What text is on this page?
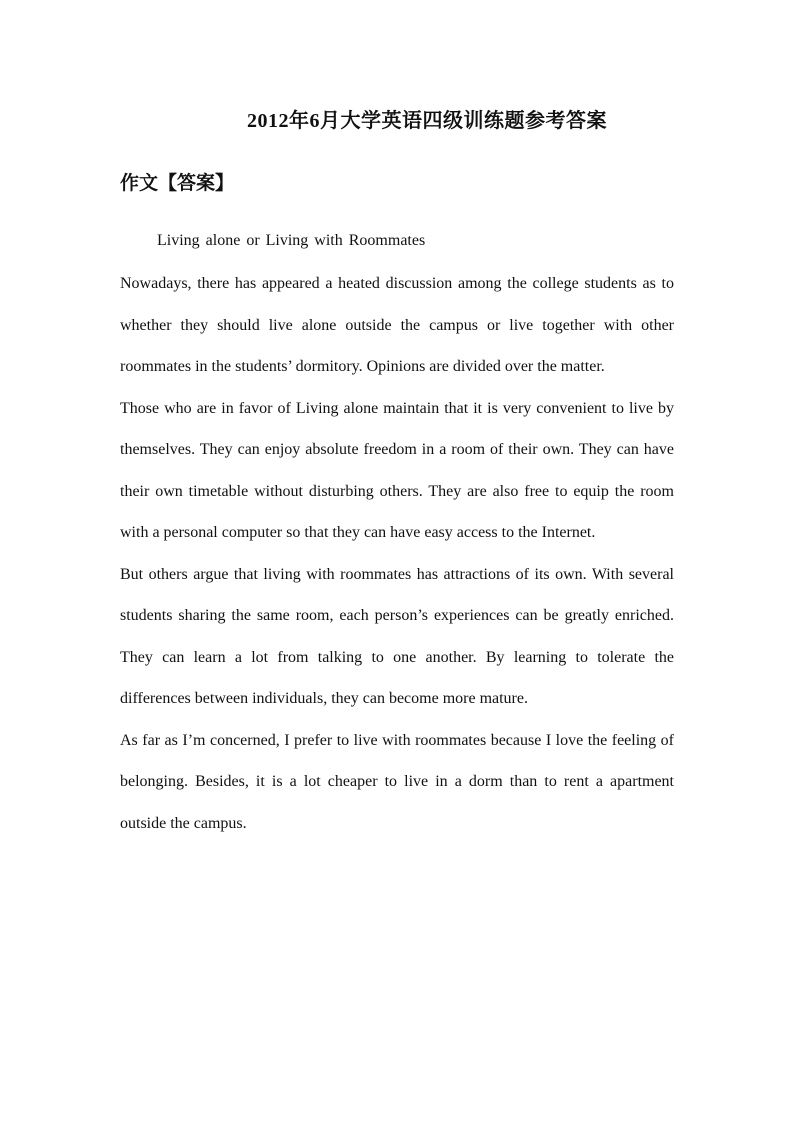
2012年6月大学英语四级训练题参考答案
作文【答案】
Living alone or Living with Roommates

Nowadays, there has appeared a heated discussion among the college students as to whether they should live alone outside the campus or live together with other roommates in the students’ dormitory. Opinions are divided over the matter.

Those who are in favor of Living alone maintain that it is very convenient to live by themselves. They can enjoy absolute freedom in a room of their own. They can have their own timetable without disturbing others. They are also free to equip the room with a personal computer so that they can have easy access to the Internet.

But others argue that living with roommates has attractions of its own. With several students sharing the same room, each person’s experiences can be greatly enriched. They can learn a lot from talking to one another. By learning to tolerate the differences between individuals, they can become more mature.

As far as I’m concerned, I prefer to live with roommates because I love the feeling of belonging. Besides, it is a lot cheaper to live in a dorm than to rent a apartment outside the campus.
